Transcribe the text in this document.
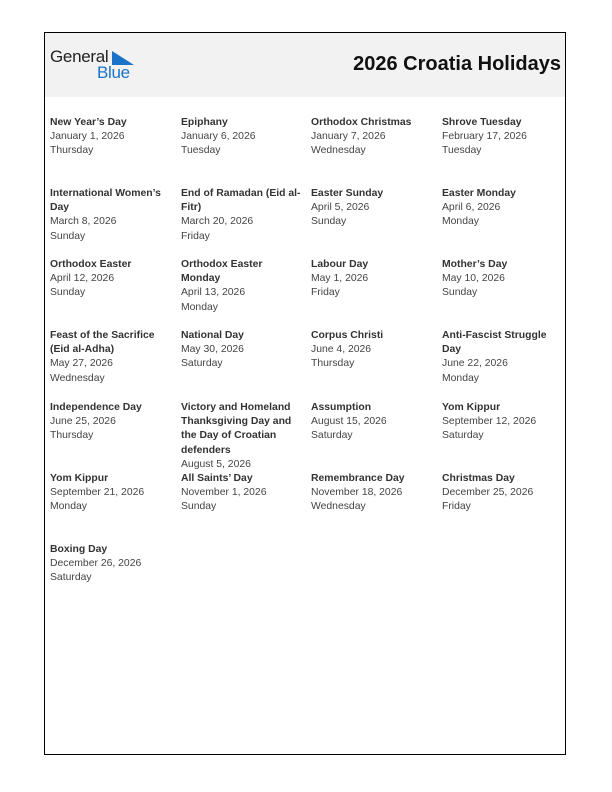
General
Blue	2026 Croatia Holidays
New Year’s Day
January 1, 2026
Thursday
Epiphany
January 6, 2026
Tuesday
Orthodox Christmas
January 7, 2026
Wednesday
Shrove Tuesday
February 17, 2026
Tuesday
International Women’s Day
March 8, 2026
Sunday
End of Ramadan (Eid al-Fitr)
March 20, 2026
Friday
Easter Sunday
April 5, 2026
Sunday
Easter Monday
April 6, 2026
Monday
Orthodox Easter
April 12, 2026
Sunday
Orthodox Easter Monday
April 13, 2026
Monday
Labour Day
May 1, 2026
Friday
Mother’s Day
May 10, 2026
Sunday
Feast of the Sacrifice (Eid al-Adha)
May 27, 2026
Wednesday
National Day
May 30, 2026
Saturday
Corpus Christi
June 4, 2026
Thursday
Anti-Fascist Struggle Day
June 22, 2026
Monday
Independence Day
June 25, 2026
Thursday
Victory and Homeland Thanksgiving Day and the Day of Croatian defenders
August 5, 2026
Assumption
August 15, 2026
Saturday
Yom Kippur
September 12, 2026
Saturday
Yom Kippur
September 21, 2026
Monday
All Saints’ Day
November 1, 2026
Sunday
Remembrance Day
November 18, 2026
Wednesday
Christmas Day
December 25, 2026
Friday
Boxing Day
December 26, 2026
Saturday
